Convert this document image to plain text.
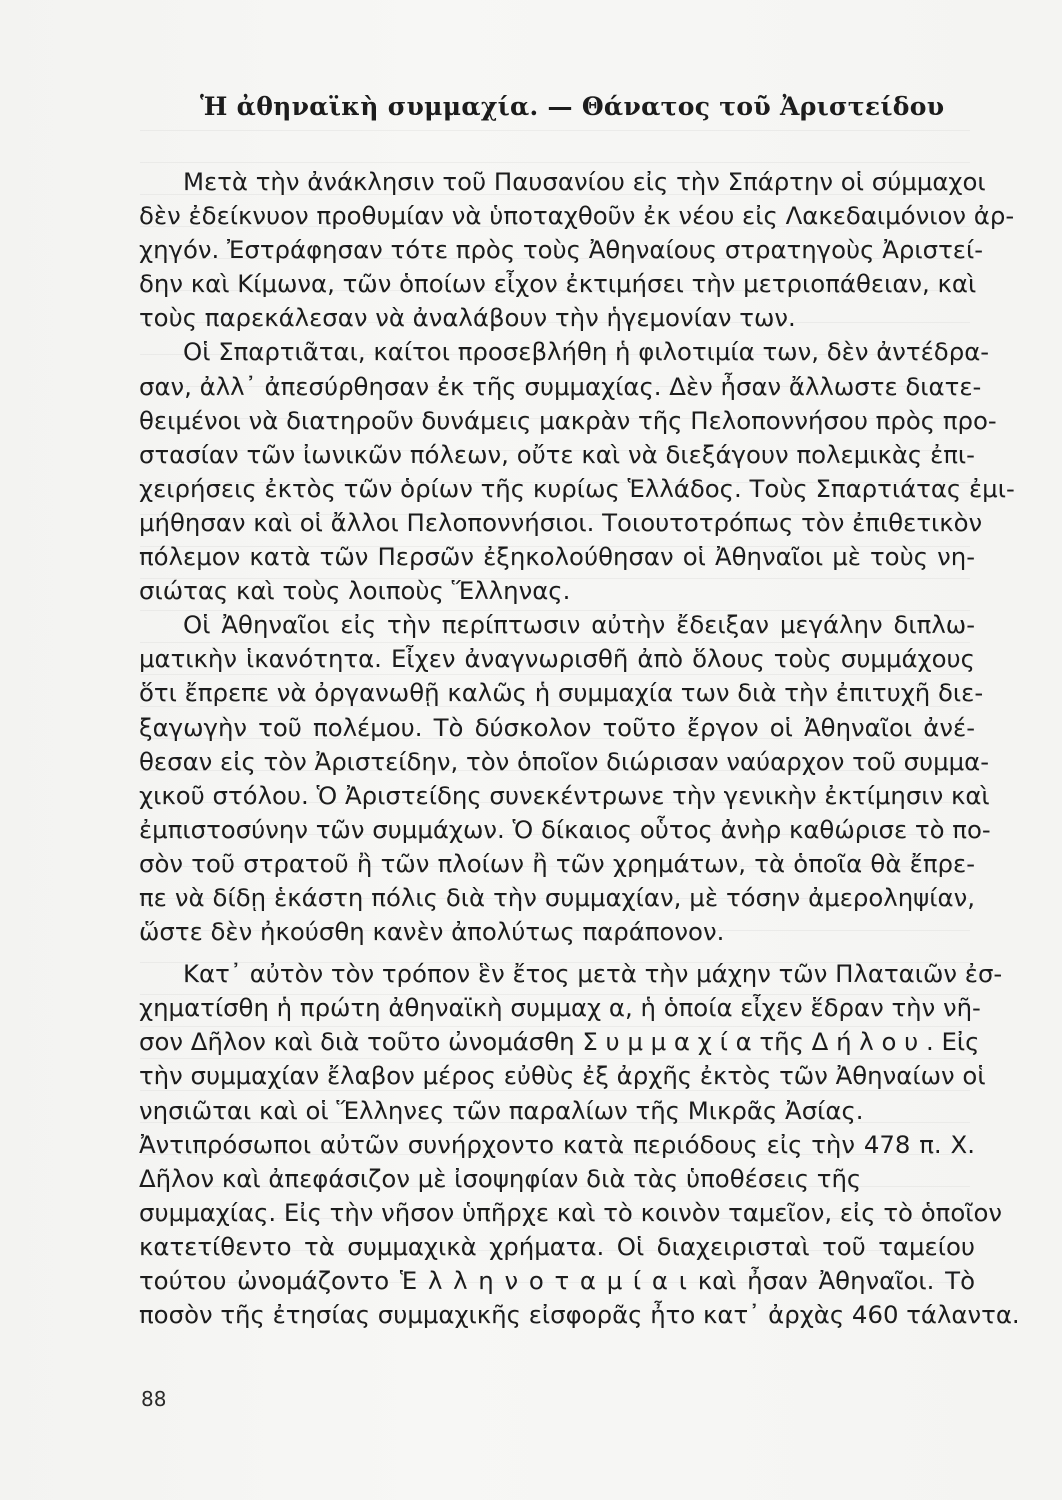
Ἡ ἀθηναϊκὴ συμμαχία. — Θάνατος τοῦ Ἀριστείδου
Μετὰ τὴν ἀνάκλησιν τοῦ Παυσανίου εἰς τὴν Σπάρτην οἱ σύμμαχοι
δὲν ἐδείκνυον προθυμίαν νὰ ὑποταχθοῦν ἐκ νέου εἰς Λακεδαιμόνιον ἀρ-
χηγόν. Ἐστράφησαν τότε πρὸς τοὺς Ἀθηναίους στρατηγοὺς Ἀριστεί-
δην καὶ Κίμωνα, τῶν ὁποίων εἶχον ἐκτιμήσει τὴν μετριοπάθειαν, καὶ
τοὺς παρεκάλεσαν νὰ ἀναλάβουν τὴν ἡγεμονίαν των.
Οἱ Σπαρτιᾶται, καίτοι προσεβλήθη ἡ φιλοτιμία των, δὲν ἀντέδρα-
σαν, ἀλλ᾽ ἀπεσύρθησαν ἐκ τῆς συμμαχίας. Δὲν ἦσαν ἄλλωστε διατε-
θειμένοι νὰ διατηροῦν δυνάμεις μακρὰν τῆς Πελοποννήσου πρὸς προ-
στασίαν τῶν ἰωνικῶν πόλεων, οὔτε καὶ νὰ διεξάγουν πολεμικὰς ἐπι-
χειρήσεις ἐκτὸς τῶν ὁρίων τῆς κυρίως Ἑλλάδος. Τοὺς Σπαρτιάτας ἐμι-
μήθησαν καὶ οἱ ἄλλοι Πελοποννήσιοι. Τοιουτοτρόπως τὸν ἐπιθετικὸν
πόλεμον κατὰ τῶν Περσῶν ἐξηκολούθησαν οἱ Ἀθηναῖοι μὲ τοὺς νη-
σιώτας καὶ τοὺς λοιποὺς Ἕλληνας.
Οἱ Ἀθηναῖοι εἰς τὴν περίπτωσιν αὐτὴν ἔδειξαν μεγάλην διπλω-
ματικὴν ἱκανότητα. Εἶχεν ἀναγνωρισθῆ ἀπὸ ὅλους τοὺς συμμάχους
ὅτι ἔπρεπε νὰ ὀργανωθῇ καλῶς ἡ συμμαχία των διὰ τὴν ἐπιτυχῆ διε-
ξαγωγὴν τοῦ πολέμου. Τὸ δύσκολον τοῦτο ἔργον οἱ Ἀθηναῖοι ἀνέ-
θεσαν εἰς τὸν Ἀριστείδην, τὸν ὁποῖον διώρισαν ναύαρχον τοῦ συμμα-
χικοῦ στόλου. Ὁ Ἀριστείδης συνεκέντρωνε τὴν γενικὴν ἐκτίμησιν καὶ
ἐμπιστοσύνην τῶν συμμάχων. Ὁ δίκαιος οὗτος ἀνὴρ καθώρισε τὸ πο-
σὸν τοῦ στρατοῦ ἢ τῶν πλοίων ἢ τῶν χρημάτων, τὰ ὁποῖα θὰ ἔπρε-
πε νὰ δίδῃ ἑκάστη πόλις διὰ τὴν συμμαχίαν, μὲ τόσην ἀμεροληψίαν,
ὥστε δὲν ἠκούσθη κανὲν ἀπολύτως παράπονον.
Κατ᾽ αὐτὸν τὸν τρόπον ἓν ἔτος μετὰ τὴν μάχην τῶν Πλαταιῶν ἐσ-
χηματίσθη ἡ πρώτη ἀθηναϊκὴ συμμαχ α, ἡ ὁποία εἶχεν ἕδραν τὴν νῆ-
σον Δῆλον καὶ διὰ τοῦτο ὠνομάσθη Σ υ μ μ α χ ί α τῆς Δ ή λ ο υ . Εἰς
τὴν συμμαχίαν ἔλαβον μέρος εὐθὺς ἐξ ἀρχῆς ἐκτὸς τῶν Ἀθηναίων οἱ
νησιῶται καὶ οἱ Ἕλληνες τῶν παραλίων τῆς Μικρᾶς Ἀσίας.
Ἀντιπρόσωποι αὐτῶν συνήρχοντο κατὰ περιόδους εἰς τὴν 478 π. Χ.
Δῆλον καὶ ἀπεφάσιζον μὲ ἰσοψηφίαν διὰ τὰς ὑποθέσεις τῆς
συμμαχίας. Εἰς τὴν νῆσον ὑπῆρχε καὶ τὸ κοινὸν ταμεῖον, εἰς τὸ ὁποῖον
κατετίθεντο τὰ συμμαχικὰ χρήματα. Οἱ διαχειρισταὶ τοῦ ταμείου
τούτου ὠνομάζοντο Ἑ λ λ η ν ο τ α μ ί α ι καὶ ἦσαν Ἀθηναῖοι. Τὸ
ποσὸν τῆς ἐτησίας συμμαχικῆς εἰσφορᾶς ἦτο κατ᾽ ἀρχὰς 460 τάλαντα.
88
